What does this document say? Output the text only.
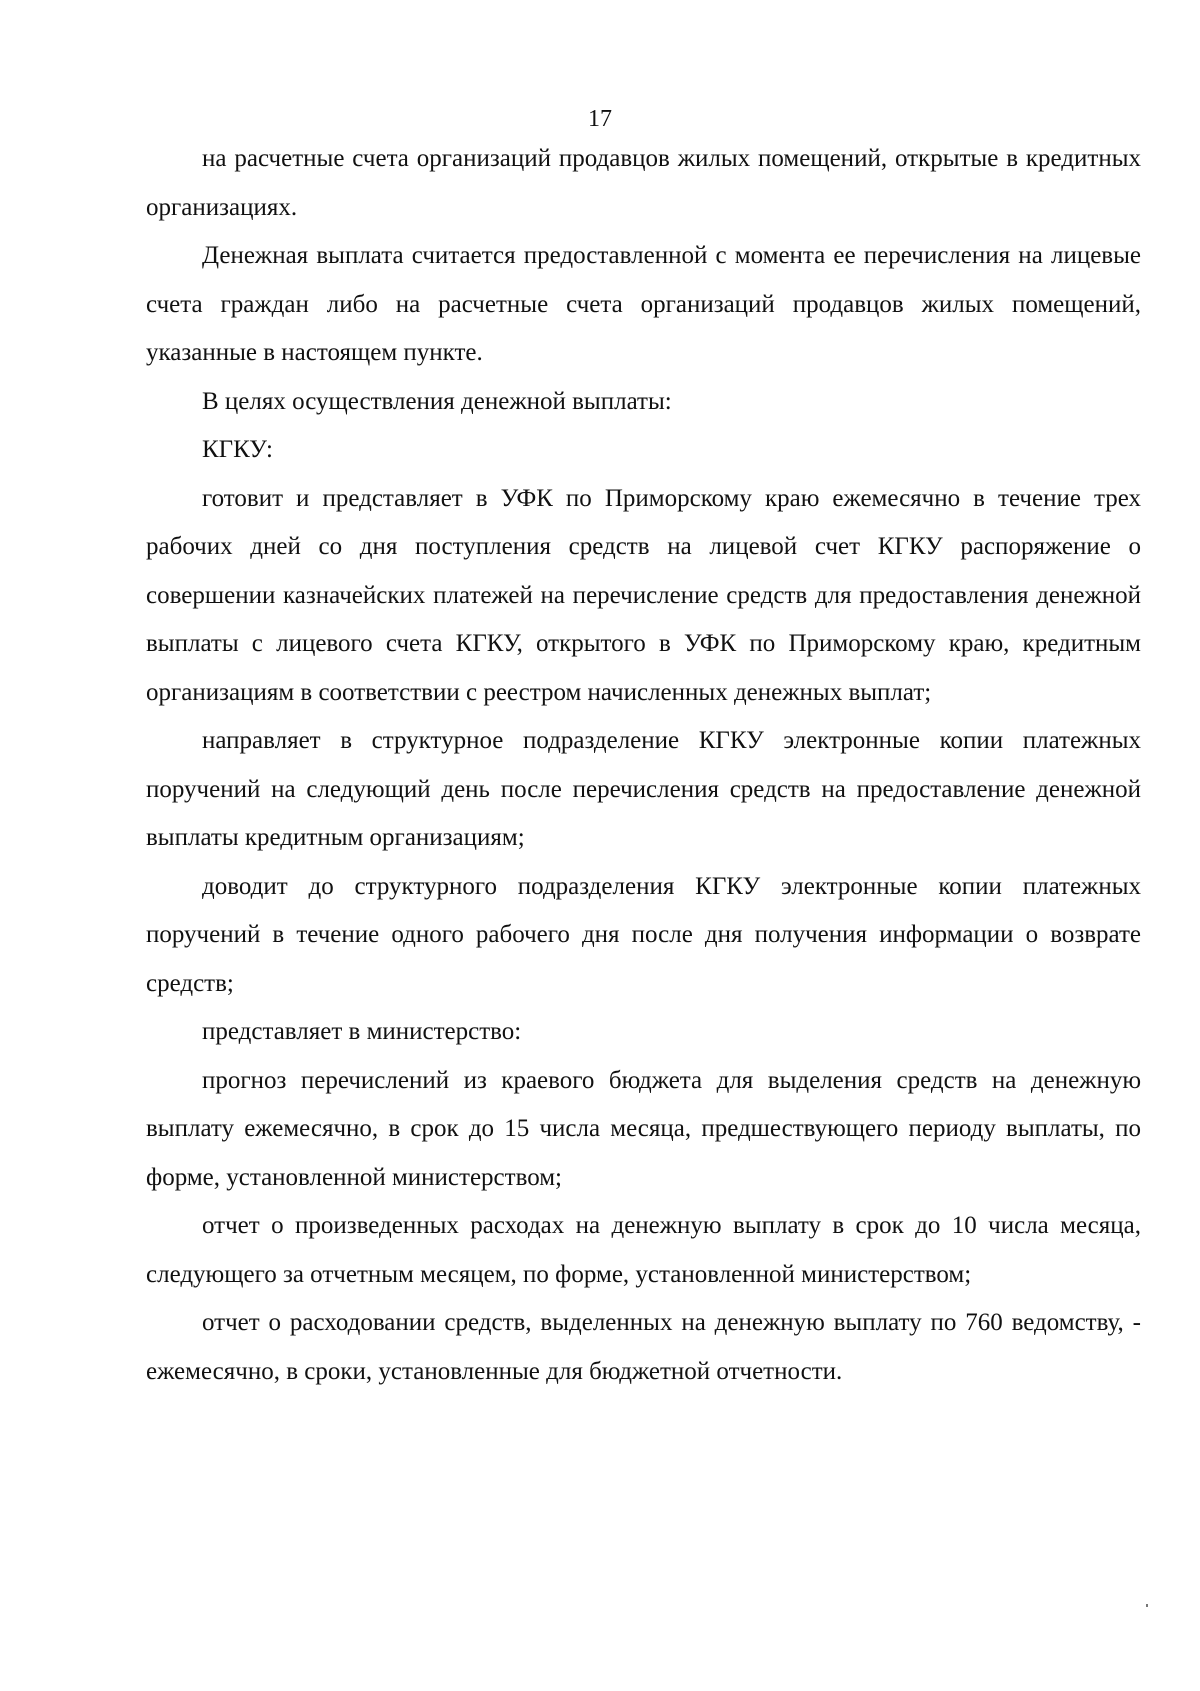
17

на расчетные счета организаций продавцов жилых помещений, открытые в кредитных организациях.

Денежная выплата считается предоставленной с момента ее перечисления на лицевые счета граждан либо на расчетные счета организаций продавцов жилых помещений, указанные в настоящем пункте.

В целях осуществления денежной выплаты:

КГКУ:

готовит и представляет в УФК по Приморскому краю ежемесячно в течение трех рабочих дней со дня поступления средств на лицевой счет КГКУ распоряжение о совершении казначейских платежей на перечисление средств для предоставления денежной выплаты с лицевого счета КГКУ, открытого в УФК по Приморскому краю, кредитным организациям в соответствии с реестром начисленных денежных выплат;

направляет в структурное подразделение КГКУ электронные копии платежных поручений на следующий день после перечисления средств на предоставление денежной выплаты кредитным организациям;

доводит до структурного подразделения КГКУ электронные копии платежных поручений в течение одного рабочего дня после дня получения информации о возврате средств;

представляет в министерство:

прогноз перечислений из краевого бюджета для выделения средств на денежную выплату ежемесячно, в срок до 15 числа месяца, предшествующего периоду выплаты, по форме, установленной министерством;

отчет о произведенных расходах на денежную выплату в срок до 10 числа месяца, следующего за отчетным месяцем, по форме, установленной министерством;

отчет о расходовании средств, выделенных на денежную выплату по 760 ведомству, - ежемесячно, в сроки, установленные для бюджетной отчетности.
